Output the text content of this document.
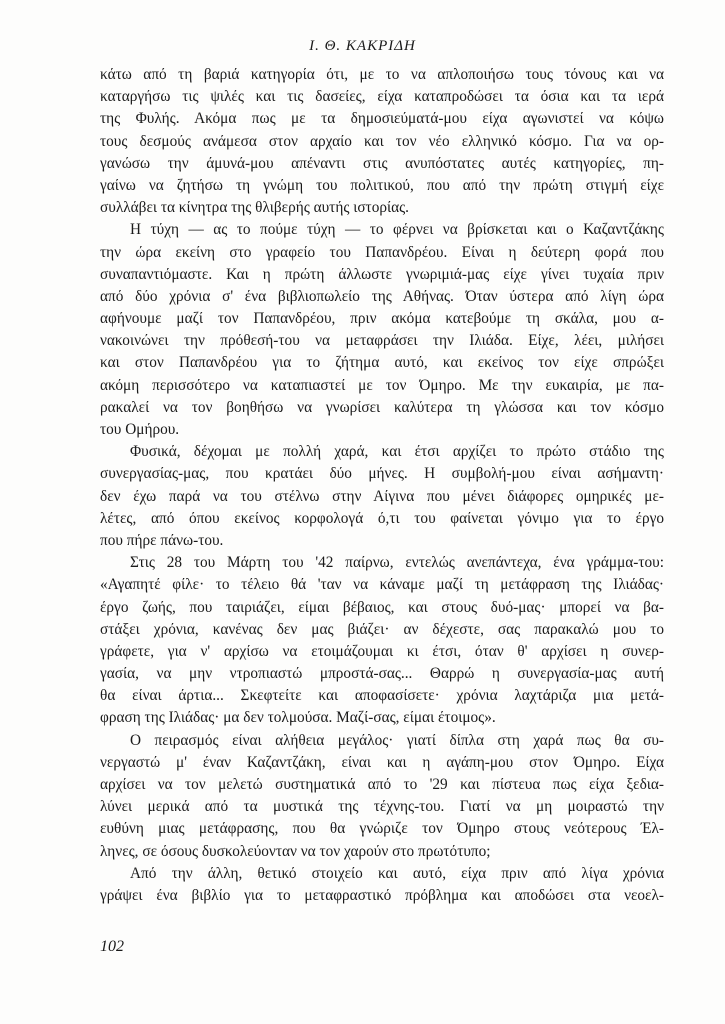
Ι. Θ. ΚΑΚΡΙΔΗ
κάτω από τη βαριά κατηγορία ότι, με το να απλοποιήσω τους τόνους και να
καταργήσω τις ψιλές και τις δασείες, είχα καταπροδώσει τα όσια και τα ιερά
της Φυλής. Ακόμα πως με τα δημοσιεύματά-μου είχα αγωνιστεί να κόψω
τους δεσμούς ανάμεσα στον αρχαίο και τον νέο ελληνικό κόσμο. Για να ορ-
γανώσω την άμυνά-μου απέναντι στις ανυπόστατες αυτές κατηγορίες, πη-
γαίνω να ζητήσω τη γνώμη του πολιτικού, που από την πρώτη στιγμή είχε
συλλάβει τα κίνητρα της θλιβερής αυτής ιστορίας.
Η τύχη — ας το πούμε τύχη — το φέρνει να βρίσκεται και ο Καζαντζάκης
την ώρα εκείνη στο γραφείο του Παπανδρέου. Είναι η δεύτερη φορά που
συναπαντιόμαστε. Και η πρώτη άλλωστε γνωριμιά-μας είχε γίνει τυχαία πριν
από δύο χρόνια σ' ένα βιβλιοπωλείο της Αθήνας. Όταν ύστερα από λίγη ώρα
αφήνουμε μαζί τον Παπανδρέου, πριν ακόμα κατεβούμε τη σκάλα, μου α-
νακοινώνει την πρόθεσή-του να μεταφράσει την Ιλιάδα. Είχε, λέει, μιλήσει
και στον Παπανδρέου για το ζήτημα αυτό, και εκείνος τον είχε σπρώξει
ακόμη περισσότερο να καταπιαστεί με τον Όμηρο. Με την ευκαιρία, με πα-
ρακαλεί να τον βοηθήσω να γνωρίσει καλύτερα τη γλώσσα και τον κόσμο
του Ομήρου.
Φυσικά, δέχομαι με πολλή χαρά, και έτσι αρχίζει το πρώτο στάδιο της
συνεργασίας-μας, που κρατάει δύο μήνες. Η συμβολή-μου είναι ασήμαντη·
δεν έχω παρά να του στέλνω στην Αίγινα που μένει διάφορες ομηρικές με-
λέτες, από όπου εκείνος κορφολογά ό,τι του φαίνεται γόνιμο για το έργο
που πήρε πάνω-του.
Στις 28 του Μάρτη του '42 παίρνω, εντελώς ανεπάντεχα, ένα γράμμα-του:
«Αγαπητέ φίλε· το τέλειο θά 'ταν να κάναμε μαζί τη μετάφραση της Ιλιάδας·
έργο ζωής, που ταιριάζει, είμαι βέβαιος, και στους δυό-μας· μπορεί να βα-
στάξει χρόνια, κανένας δεν μας βιάζει· αν δέχεστε, σας παρακαλώ μου το
γράφετε, για ν' αρχίσω να ετοιμάζουμαι κι έτσι, όταν θ' αρχίσει η συνερ-
γασία, να μην ντροπιαστώ μπροστά-σας... Θαρρώ η συνεργασία-μας αυτή
θα είναι άρτια... Σκεφτείτε και αποφασίσετε· χρόνια λαχτάριζα μια μετά-
φραση της Ιλιάδας· μα δεν τολμούσα. Μαζί-σας, είμαι έτοιμος».
Ο πειρασμός είναι αλήθεια μεγάλος· γιατί δίπλα στη χαρά πως θα συ-
νεργαστώ μ' έναν Καζαντζάκη, είναι και η αγάπη-μου στον Όμηρο. Είχα
αρχίσει να τον μελετώ συστηματικά από το '29 και πίστευα πως είχα ξεδια-
λύνει μερικά από τα μυστικά της τέχνης-του. Γιατί να μη μοιραστώ την
ευθύνη μιας μετάφρασης, που θα γνώριζε τον Όμηρο στους νεότερους Έλ-
ληνες, σε όσους δυσκολεύονταν να τον χαρούν στο πρωτότυπο;
Από την άλλη, θετικό στοιχείο και αυτό, είχα πριν από λίγα χρόνια
γράψει ένα βιβλίο για το μεταφραστικό πρόβλημα και αποδώσει στα νεοελ-
102
